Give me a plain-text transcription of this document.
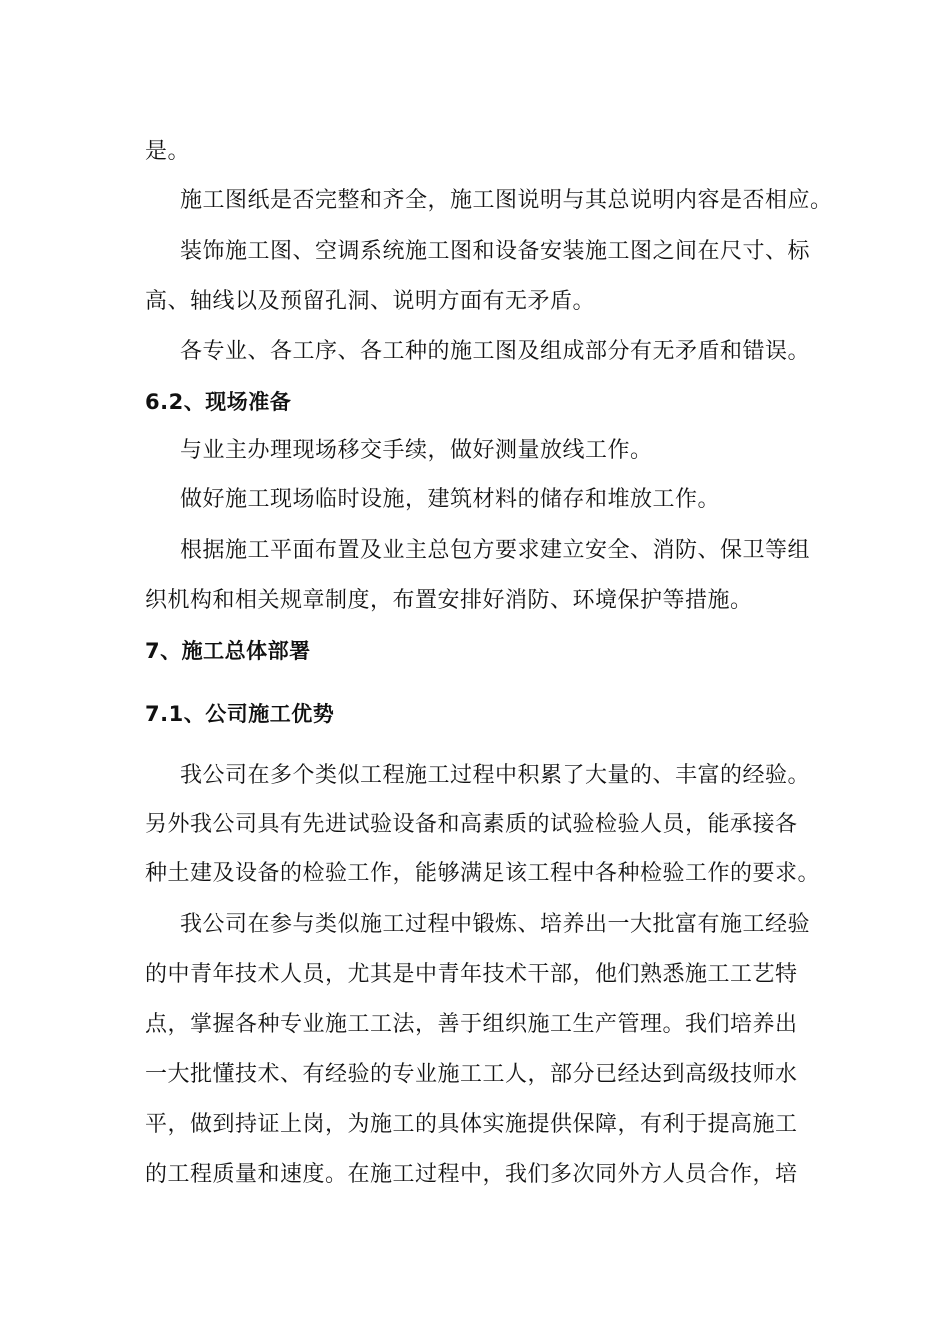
是。
施工图纸是否完整和齐全，施工图说明与其总说明内容是否相应。
装饰施工图、空调系统施工图和设备安装施工图之间在尺寸、标
高、轴线以及预留孔洞、说明方面有无矛盾。
各专业、各工序、各工种的施工图及组成部分有无矛盾和错误。
6.2、现场准备
与业主办理现场移交手续，做好测量放线工作。
做好施工现场临时设施，建筑材料的储存和堆放工作。
根据施工平面布置及业主总包方要求建立安全、消防、保卫等组
织机构和相关规章制度，布置安排好消防、环境保护等措施。
7、施工总体部署
7.1、公司施工优势
我公司在多个类似工程施工过程中积累了大量的、丰富的经验。
另外我公司具有先进试验设备和高素质的试验检验人员，能承接各
种土建及设备的检验工作，能够满足该工程中各种检验工作的要求。
我公司在参与类似施工过程中锻炼、培养出一大批富有施工经验
的中青年技术人员，尤其是中青年技术干部，他们熟悉施工工艺特
点，掌握各种专业施工工法，善于组织施工生产管理。我们培养出
一大批懂技术、有经验的专业施工工人，部分已经达到高级技师水
平，做到持证上岗，为施工的具体实施提供保障，有利于提高施工
的工程质量和速度。在施工过程中，我们多次同外方人员合作，培
